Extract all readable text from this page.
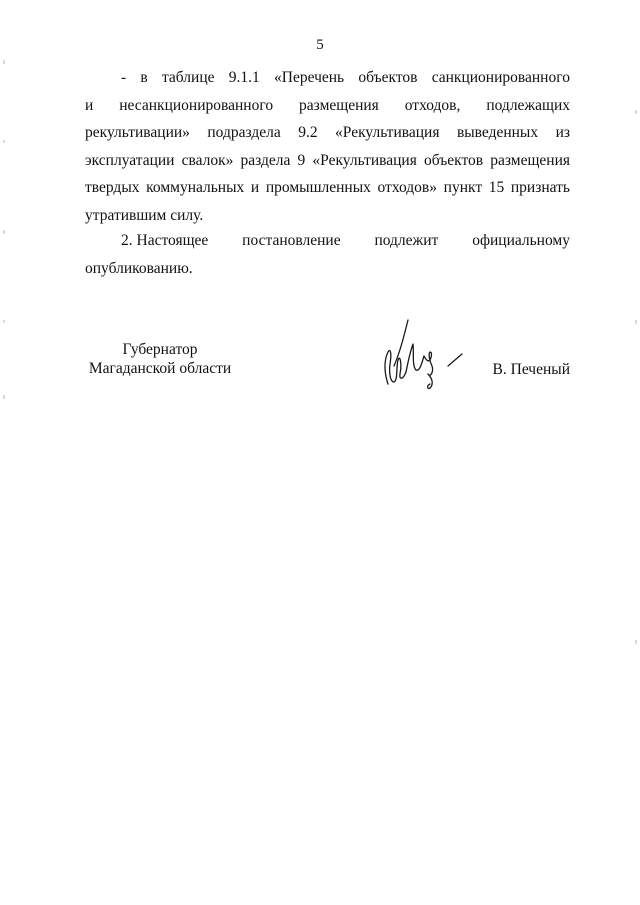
5
- в таблице 9.1.1 «Перечень объектов санкционированного
и несанкционированного размещения отходов, подлежащих
рекультивации» подраздела 9.2 «Рекультивация выведенных из
эксплуатации свалок» раздела 9 «Рекультивация объектов размещения
твердых коммунальных и промышленных отходов» пункт 15 признать
утратившим силу.
2. Настоящее постановление подлежит официальному
опубликованию.
Губернатор
Магаданской области	В. Печеный
